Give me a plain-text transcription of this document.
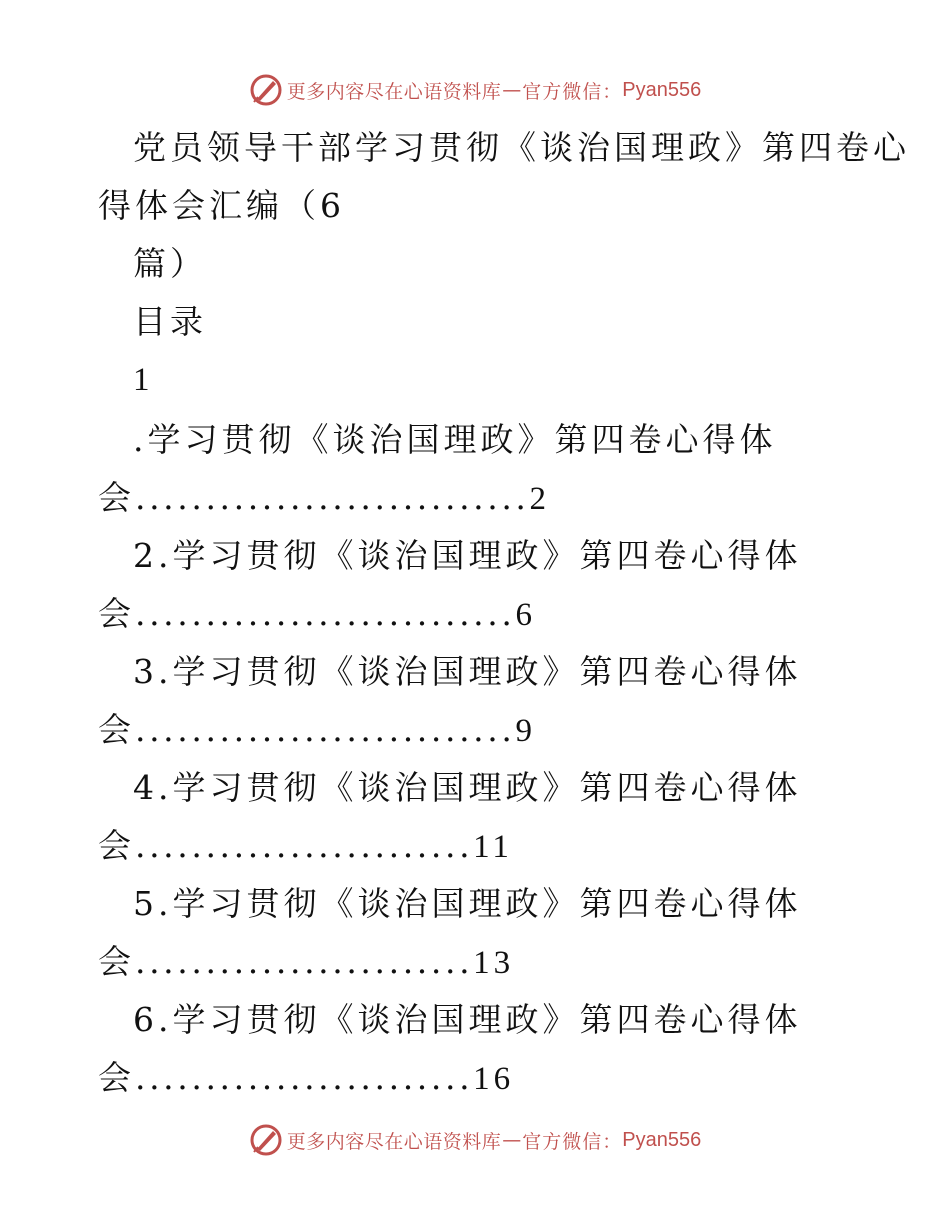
更多内容尽在心语资料库 — 官方微信： Pyan556
党员领导干部学习贯彻《谈治国理政》第四卷心
得体会汇编（6
篇）
目录
1
.学习贯彻《谈治国理政》第四卷心得体
会............................2
2.学习贯彻《谈治国理政》第四卷心得体
会...........................6
3.学习贯彻《谈治国理政》第四卷心得体
会...........................9
4.学习贯彻《谈治国理政》第四卷心得体
会........................11
5.学习贯彻《谈治国理政》第四卷心得体
会........................13
6.学习贯彻《谈治国理政》第四卷心得体
会........................16
更多内容尽在心语资料库 — 官方微信： Pyan556
